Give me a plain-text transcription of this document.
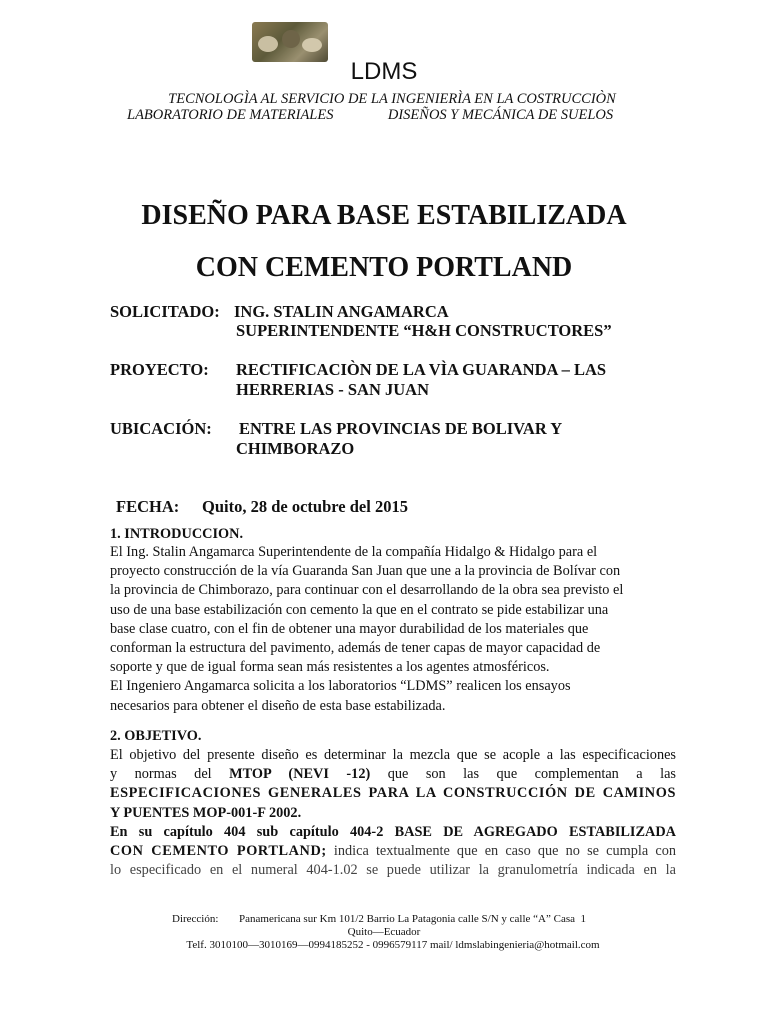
LDMS
TECNOLOGÌA AL SERVICIO DE LA INGENIERÌA EN LA COSTRUCCIÒN
LABORATORIO DE MATERIALES	DISEÑOS Y MECÁNICA DE SUELOS
DISEÑO PARA BASE ESTABILIZADA
CON CEMENTO PORTLAND
SOLICITADO: ING. STALIN ANGAMARCA
SUPERINTENDENTE “H&H CONSTRUCTORES”
PROYECTO: RECTIFICACIÒN DE LA VÌA GUARANDA – LAS
HERRERIAS - SAN JUAN
UBICACIÓN: ENTRE LAS PROVINCIAS DE BOLIVAR Y
CHIMBORAZO
FECHA: Quito, 28 de octubre del 2015
1. INTRODUCCION.
El Ing. Stalin Angamarca Superintendente de la compañía Hidalgo & Hidalgo para el
proyecto construcción de la vía Guaranda San Juan que une a la provincia de Bolívar con
la provincia de Chimborazo, para continuar con el desarrollando de la obra sea previsto el
uso de una base estabilización con cemento la que en el contrato se pide estabilizar una
base clase cuatro, con el fin de obtener una mayor durabilidad de los materiales que
conforman la estructura del pavimento, además de tener capas de mayor capacidad de
soporte y que de igual forma sean más resistentes a los agentes atmosféricos.
El Ingeniero Angamarca solicita a los laboratorios “LDMS” realicen los ensayos
necesarios para obtener el diseño de esta base estabilizada.
2. OBJETIVO.
El objetivo del presente diseño es determinar la mezcla que se acople a las especificaciones
y normas del MTOP (NEVI -12) que son las que complementan a las
ESPECIFICACIONES GENERALES PARA LA CONSTRUCCIÓN DE CAMINOS
Y PUENTES MOP-001-F 2002.
En su capítulo 404 sub capítulo 404-2 BASE DE AGREGADO ESTABILIZADA
CON CEMENTO PORTLAND; indica textualmente que en caso que no se cumpla con
lo especificado en el numeral 404-1.02 se puede utilizar la granulometría indicada en la
Dirección: Panamericana sur Km 101/2 Barrio La Patagonia calle S/N y calle “A” Casa  1
Quito—Ecuador
Telf. 3010100—3010169—0994185252 - 0996579117 mail/ ldmslabingenieria@hotmail.com
